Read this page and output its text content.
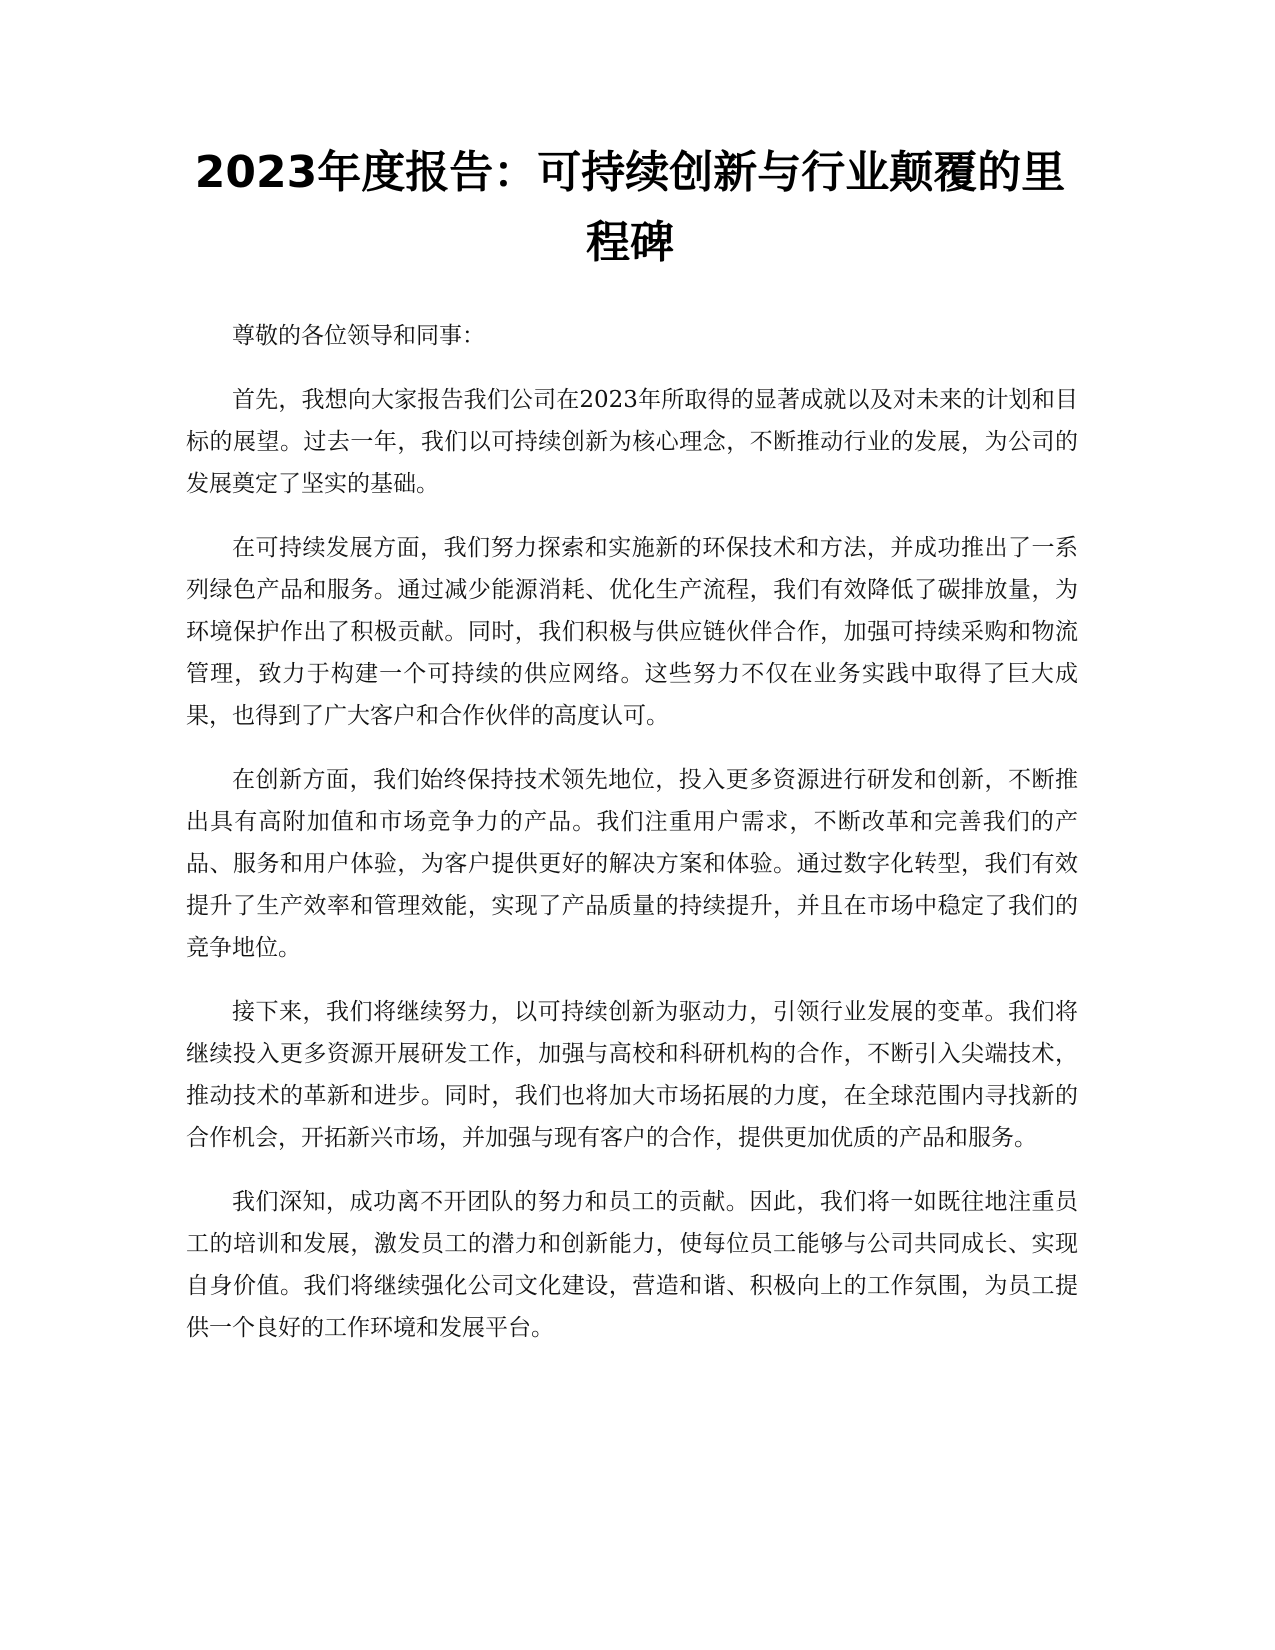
2023年度报告：可持续创新与行业颠覆的里程碑

尊敬的各位领导和同事：

首先，我想向大家报告我们公司在2023年所取得的显著成就以及对未来的计划和目标的展望。过去一年，我们以可持续创新为核心理念，不断推动行业的发展，为公司的发展奠定了坚实的基础。

在可持续发展方面，我们努力探索和实施新的环保技术和方法，并成功推出了一系列绿色产品和服务。通过减少能源消耗、优化生产流程，我们有效降低了碳排放量，为环境保护作出了积极贡献。同时，我们积极与供应链伙伴合作，加强可持续采购和物流管理，致力于构建一个可持续的供应网络。这些努力不仅在业务实践中取得了巨大成果，也得到了广大客户和合作伙伴的高度认可。

在创新方面，我们始终保持技术领先地位，投入更多资源进行研发和创新，不断推出具有高附加值和市场竞争力的产品。我们注重用户需求，不断改革和完善我们的产品、服务和用户体验，为客户提供更好的解决方案和体验。通过数字化转型，我们有效提升了生产效率和管理效能，实现了产品质量的持续提升，并且在市场中稳定了我们的竞争地位。

接下来，我们将继续努力，以可持续创新为驱动力，引领行业发展的变革。我们将继续投入更多资源开展研发工作，加强与高校和科研机构的合作，不断引入尖端技术，推动技术的革新和进步。同时，我们也将加大市场拓展的力度，在全球范围内寻找新的合作机会，开拓新兴市场，并加强与现有客户的合作，提供更加优质的产品和服务。

我们深知，成功离不开团队的努力和员工的贡献。因此，我们将一如既往地注重员工的培训和发展，激发员工的潜力和创新能力，使每位员工能够与公司共同成长、实现自身价值。我们将继续强化公司文化建设，营造和谐、积极向上的工作氛围，为员工提供一个良好的工作环境和发展平台。
